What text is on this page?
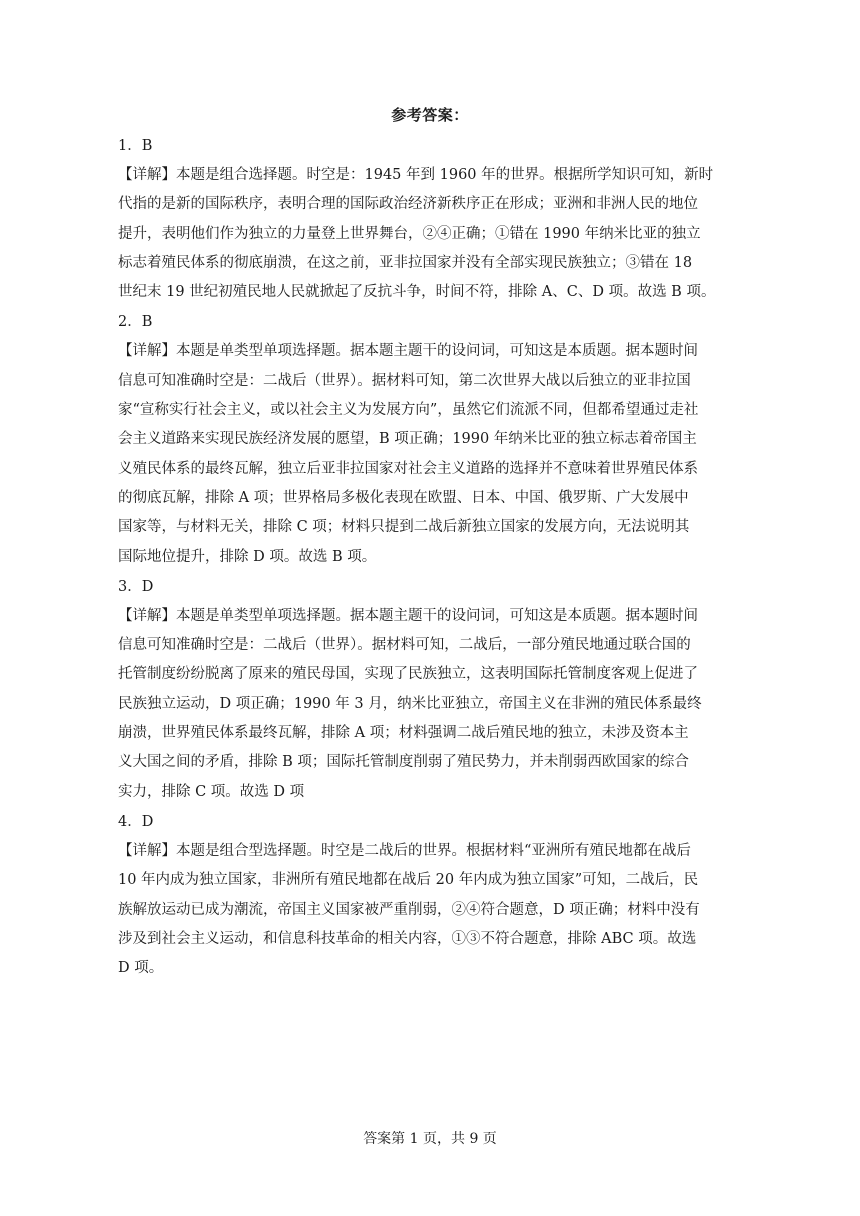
参考答案：

1．B

【详解】本题是组合选择题。时空是：1945 年到 1960 年的世界。根据所学知识可知，新时

代指的是新的国际秩序，表明合理的国际政治经济新秩序正在形成；亚洲和非洲人民的地位

提升，表明他们作为独立的力量登上世界舞台，②④正确；①错在 1990 年纳米比亚的独立

标志着殖民体系的彻底崩溃，在这之前，亚非拉国家并没有全部实现民族独立；③错在 18

世纪末 19 世纪初殖民地人民就掀起了反抗斗争，时间不符，排除 A、C、D 项。故选 B 项。

2．B

【详解】本题是单类型单项选择题。据本题主题干的设问词，可知这是本质题。据本题时间

信息可知准确时空是：二战后（世界）。据材料可知，第二次世界大战以后独立的亚非拉国

家“宣称实行社会主义，或以社会主义为发展方向”，虽然它们流派不同，但都希望通过走社

会主义道路来实现民族经济发展的愿望，B 项正确；1990 年纳米比亚的独立标志着帝国主

义殖民体系的最终瓦解，独立后亚非拉国家对社会主义道路的选择并不意味着世界殖民体系

的彻底瓦解，排除 A 项；世界格局多极化表现在欧盟、日本、中国、俄罗斯、广大发展中

国家等，与材料无关，排除 C 项；材料只提到二战后新独立国家的发展方向，无法说明其

国际地位提升，排除 D 项。故选 B 项。

3．D

【详解】本题是单类型单项选择题。据本题主题干的设问词，可知这是本质题。据本题时间

信息可知准确时空是：二战后（世界）。据材料可知，二战后，一部分殖民地通过联合国的

托管制度纷纷脱离了原来的殖民母国，实现了民族独立，这表明国际托管制度客观上促进了

民族独立运动，D 项正确；1990 年 3 月，纳米比亚独立，帝国主义在非洲的殖民体系最终

崩溃，世界殖民体系最终瓦解，排除 A 项；材料强调二战后殖民地的独立，未涉及资本主

义大国之间的矛盾，排除 B 项；国际托管制度削弱了殖民势力，并未削弱西欧国家的综合

实力，排除 C 项。故选 D 项

4．D

【详解】本题是组合型选择题。时空是二战后的世界。根据材料“亚洲所有殖民地都在战后

10 年内成为独立国家，非洲所有殖民地都在战后 20 年内成为独立国家”可知，二战后，民

族解放运动已成为潮流，帝国主义国家被严重削弱，②④符合题意，D 项正确；材料中没有

涉及到社会主义运动，和信息科技革命的相关内容，①③不符合题意，排除 ABC 项。故选

D 项。

答案第 1 页，共 9 页
